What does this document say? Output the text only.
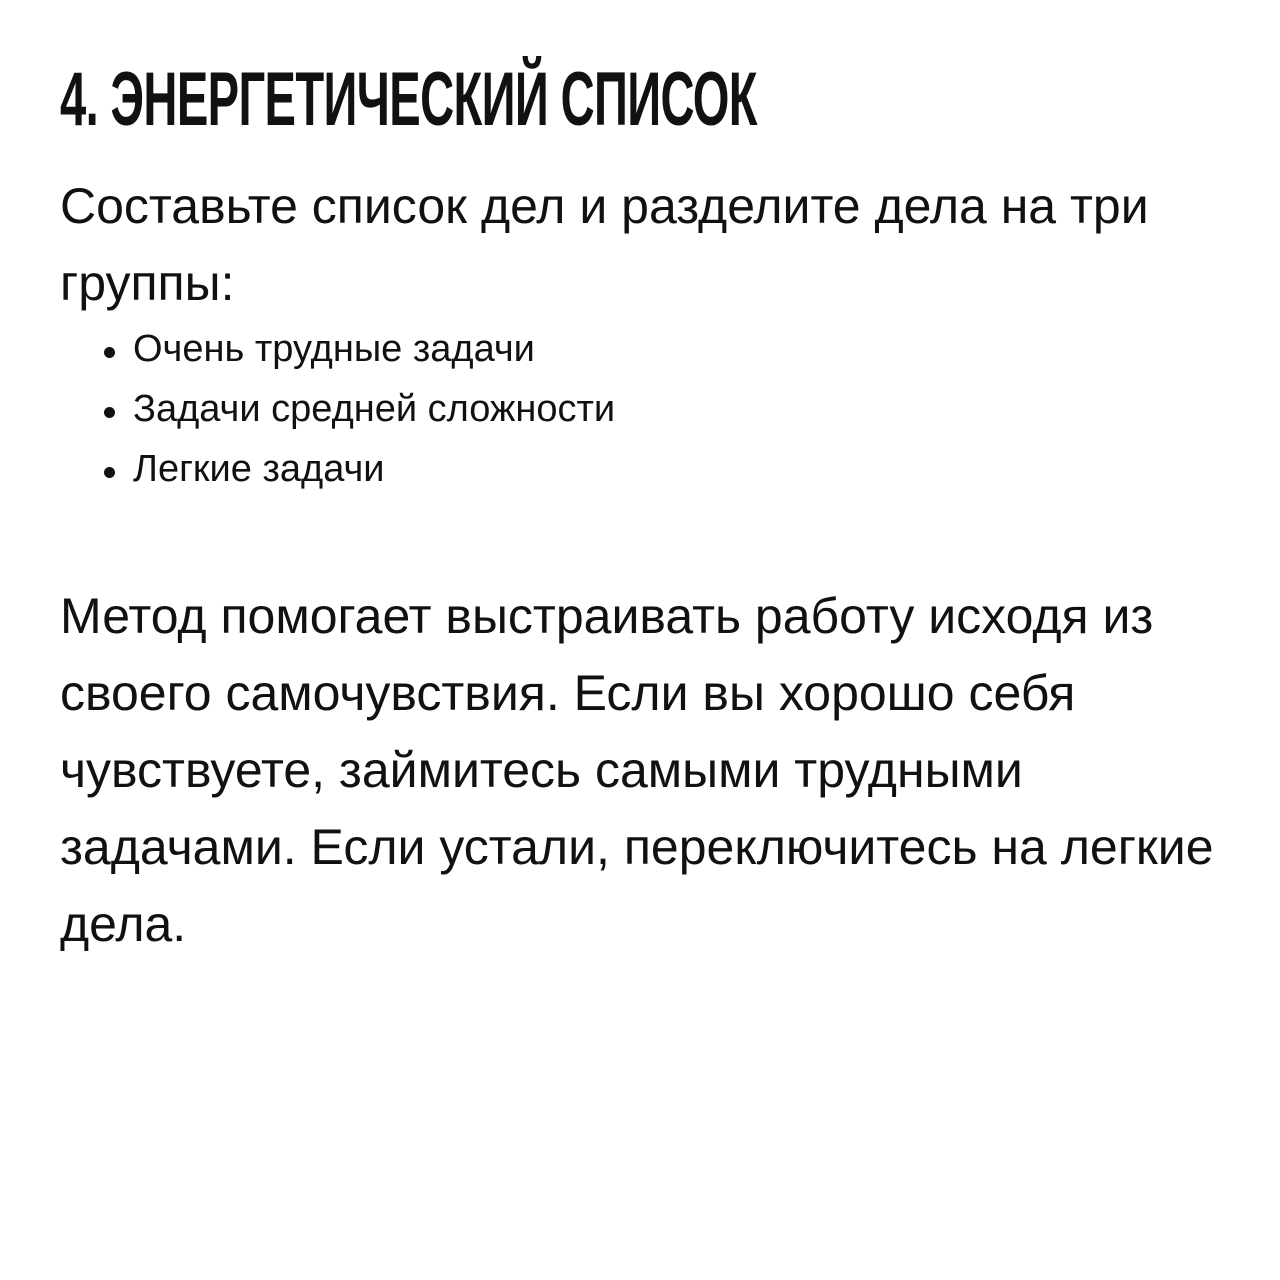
4. ЭНЕРГЕТИЧЕСКИЙ СПИСОК

Составьте список дел и разделите дела на три группы:

Очень трудные задачи
Задачи средней сложности
Легкие задачи

Метод помогает выстраивать работу исходя из своего самочувствия. Если вы хорошо себя чувствуете, займитесь самыми трудными задачами. Если устали, переключитесь на легкие дела.
